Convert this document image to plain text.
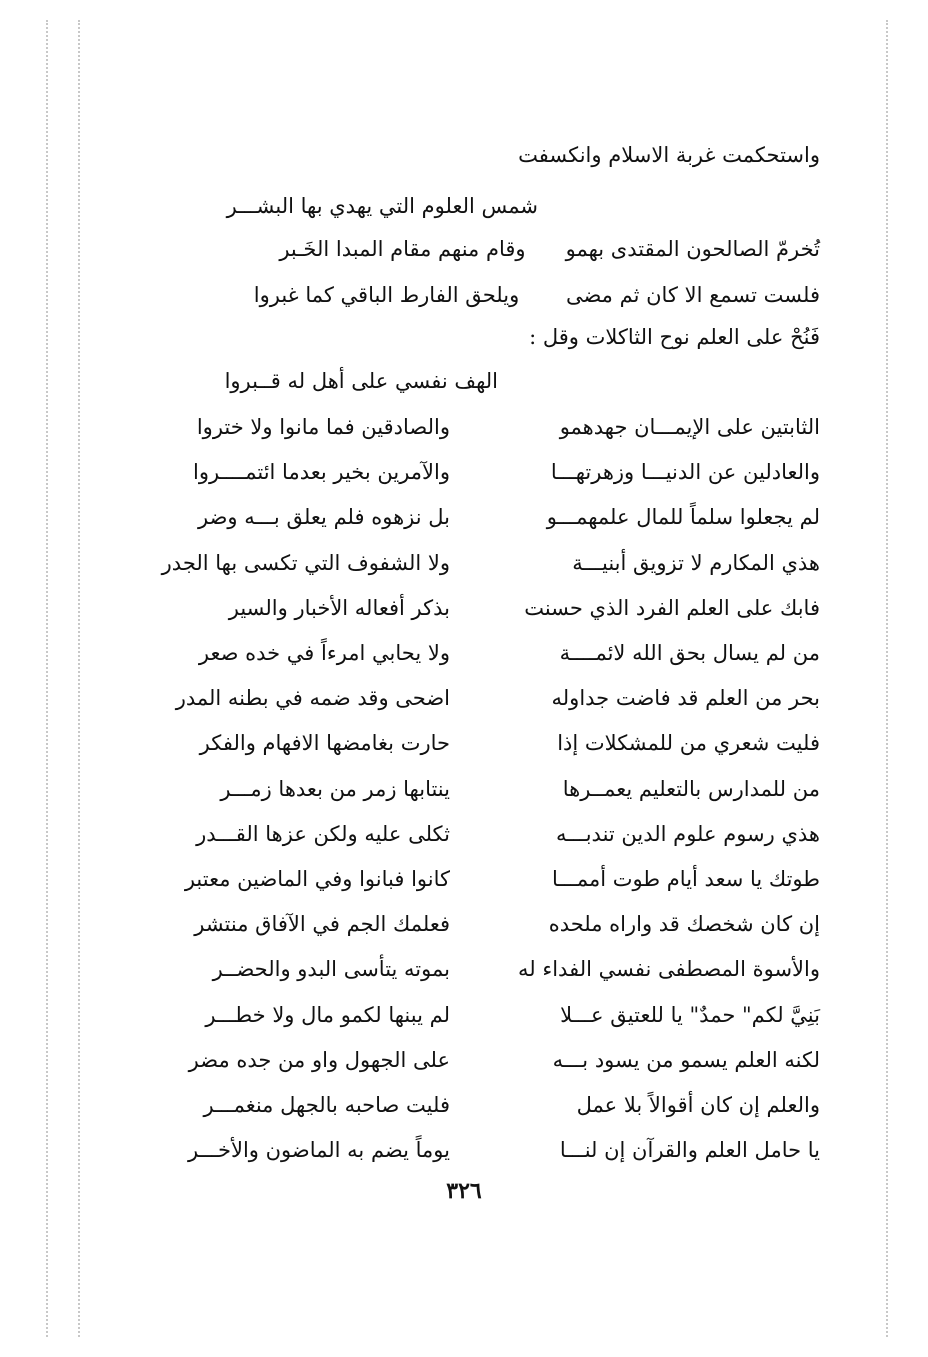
واستحكمت غربة الاسلام وانكسفت
شمس العلوم التي يهدي بها البشـــر
تُخرمّ الصالحون المقتدى بهمو      وقام منهم مقام المبدا الخَـبر
فلست تسمع الا كان ثم مضى       ويلحق الفارط الباقي كما غبروا
فَنُحْ على العلم نوح الثاكلات وقل :
الهف نفسي على أهل له قــبروا
الثابتين على الإيمـــان جهدهمو
والصادقين فما مانوا ولا ختروا
والعادلين عن الدنيـــا وزهرتهـــا
والآمرين بخير بعدما ائتمــــروا
لم يجعلوا سلماً للمال علمهمـــو
بل نزهوه فلم يعلق بـــه وضر
هذي المكارم لا تزويق أبنيـــة
ولا الشفوف التي تكسى بها الجدر
فابك على العلم الفرد الذي حسنت
بذكر أفعاله الأخبار والسير
من لم يسال بحق الله لائمــــة
ولا يحابي امرءاً في خده صعر
بحر من العلم قد فاضت جداوله
اضحى وقد ضمه في بطنه المدر
فليت شعري من للمشكلات إذا
حارت بغامضها الافهام والفكر
من للمدارس بالتعليم يعمــرها
ينتابها زمر من بعدها زمـــر
هذي رسوم علوم الدين تندبـــه
ثكلى عليه ولكن عزها القـــدر
طوتك يا سعد أيام طوت أممـــا
كانوا فبانوا وفي الماضين معتبر
إن كان شخصك قد واراه ملحده
فعلمك الجم في الآفاق منتشر
والأسوة المصطفى نفسي الفداء له
بموته يتأسى البدو والحضــر
بَنِيَّ لكم" حمدٌ" يا للعتيق عـــلا
لم يبنها لكمو مال ولا خطـــر
لكنه العلم يسمو من يسود بـــه
على الجهول واو من جده مضر
والعلم إن كان أقوالاً بلا عمل
فليت صاحبه بالجهل منغمـــر
يا حامل العلم والقرآن إن لنـــا
يوماً يضم به الماضون والأخـــر
٣٢٦
